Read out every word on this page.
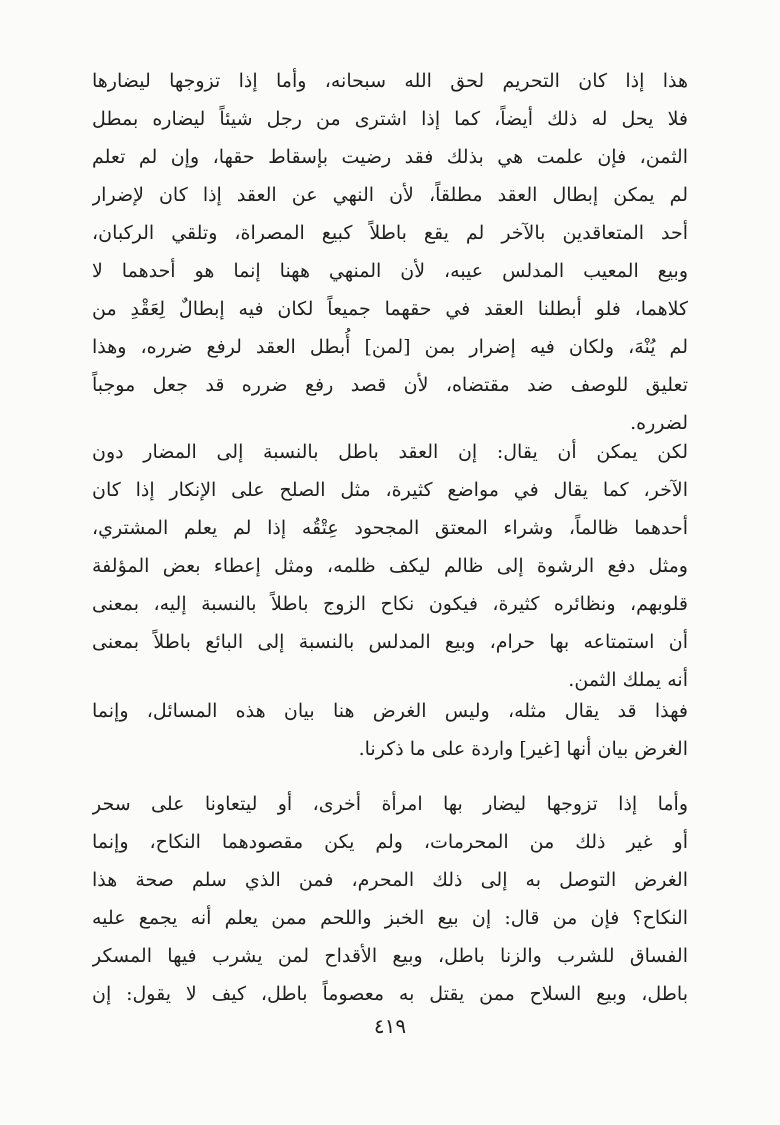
هذا إذا كان التحريم لحق الله سبحانه، وأما إذا تزوجها ليضارها
فلا يحل له ذلك أيضاً، كما إذا اشترى من رجل شيئاً ليضاره بمطل
الثمن، فإن علمت هي بذلك فقد رضيت بإسقاط حقها، وإن لم تعلم
لم يمكن إبطال العقد مطلقاً، لأن النهي عن العقد إذا كان لإضرار
أحد المتعاقدين بالآخر لم يقع باطلاً كبيع المصراة، وتلقي الركبان،
وبيع المعيب المدلس عيبه، لأن المنهي ههنا إنما هو أحدهما لا
كلاهما، فلو أبطلنا العقد في حقهما جميعاً لكان فيه إبطالٌ لِعَقْدِ من
لم يُنْهَ، ولكان فيه إضرار بمن [لمن] أُبطل العقد لرفع ضرره، وهذا
تعليق للوصف ضد مقتضاه، لأن قصد رفع ضرره قد جعل موجباً
لضرره.
لكن يمكن أن يقال: إن العقد باطل بالنسبة إلى المضار دون
الآخر، كما يقال في مواضع كثيرة، مثل الصلح على الإنكار إذا كان
أحدهما ظالماً، وشراء المعتق المجحود عِتْقُه إذا لم يعلم المشتري،
ومثل دفع الرشوة إلى ظالم ليكف ظلمه، ومثل إعطاء بعض المؤلفة
قلوبهم، ونظائره كثيرة، فيكون نكاح الزوج باطلاً بالنسبة إليه، بمعنى
أن استمتاعه بها حرام، وبيع المدلس بالنسبة إلى البائع باطلاً بمعنى
أنه يملك الثمن.
فهذا قد يقال مثله، وليس الغرض هنا بيان هذه المسائل، وإنما
الغرض بيان أنها [غير] واردة على ما ذكرنا.
وأما إذا تزوجها ليضار بها امرأة أخرى، أو ليتعاونا على سحر
أو غير ذلك من المحرمات، ولم يكن مقصودهما النكاح، وإنما
الغرض التوصل به إلى ذلك المحرم، فمن الذي سلم صحة هذا
النكاح؟ فإن من قال: إن بيع الخبز واللحم ممن يعلم أنه يجمع عليه
الفساق للشرب والزنا باطل، وبيع الأقداح لمن يشرب فيها المسكر
باطل، وبيع السلاح ممن يقتل به معصوماً باطل، كيف لا يقول: إن
٤١٩
